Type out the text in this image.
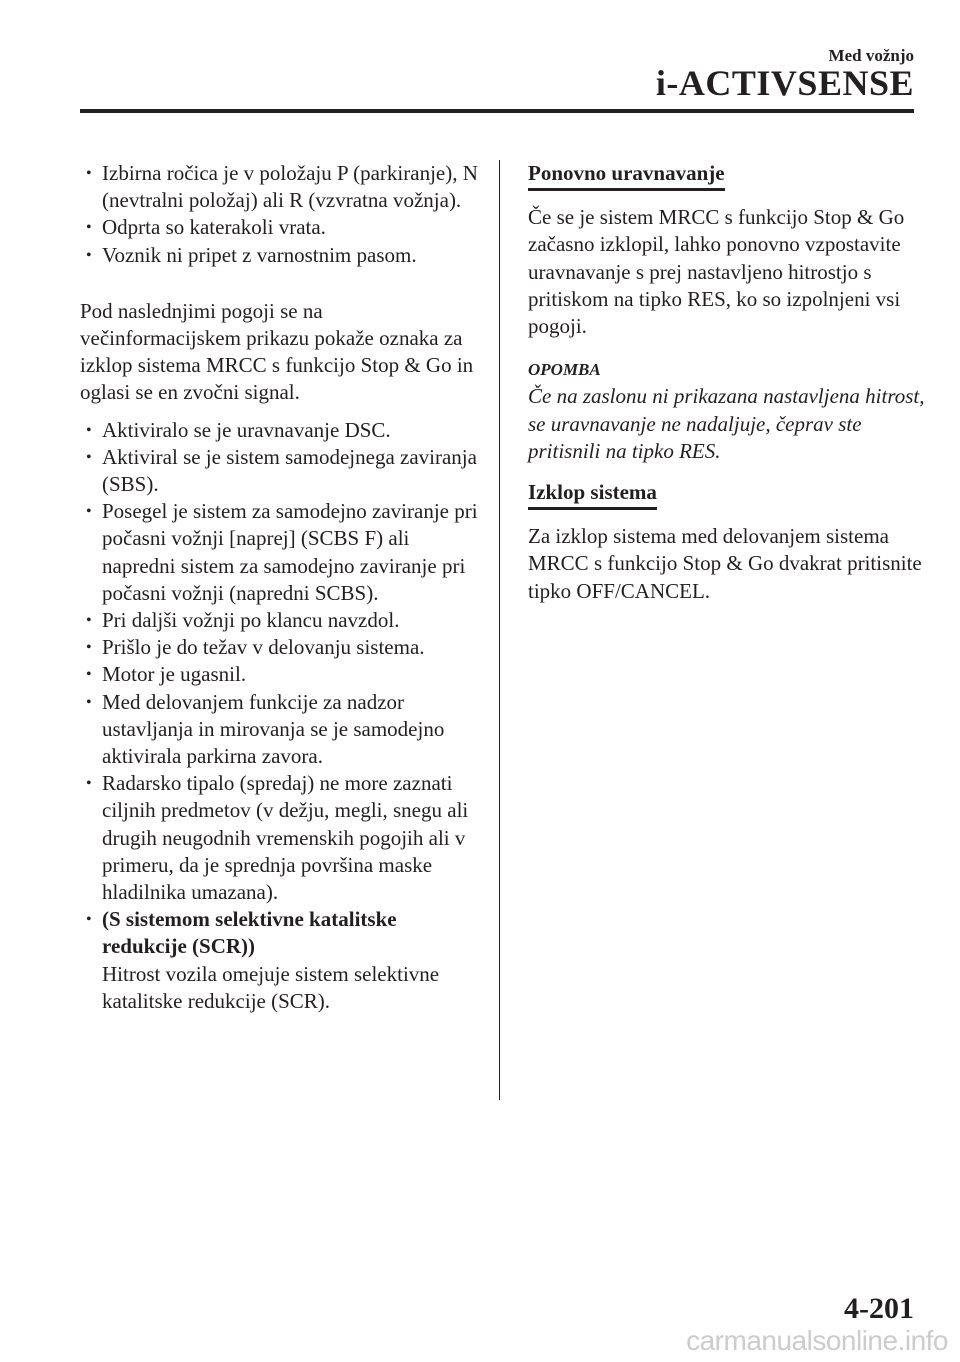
Med vožnjo
i-ACTIVSENSE
• Izbirna ročica je v položaju P (parkiranje), N (nevtralni položaj) ali R (vzvratna vožnja).
• Odprta so katerakoli vrata.
• Voznik ni pripet z varnostnim pasom.

Pod naslednjimi pogoji se na večinformacijskem prikazu pokaže oznaka za izklop sistema MRCC s funkcijo Stop & Go in oglasi se en zvočni signal.

• Aktiviralo se je uravnavanje DSC.
• Aktiviral se je sistem samodejnega zaviranja (SBS).
• Posegel je sistem za samodejno zaviranje pri počasni vožnji [naprej] (SCBS F) ali napredni sistem za samodejno zaviranje pri počasni vožnji (napredni SCBS).
• Pri daljši vožnji po klancu navzdol.
• Prišlo je do težav v delovanju sistema.
• Motor je ugasnil.
• Med delovanjem funkcije za nadzor ustavljanja in mirovanja se je samodejno aktivirala parkirna zavora.
• Radarsko tipalo (spredaj) ne more zaznati ciljnih predmetov (v dežju, megli, snegu ali drugih neugodnih vremenskih pogojih ali v primeru, da je sprednja površina maske hladilnika umazana).
• (S sistemom selektivne katalitske redukcije (SCR))
Hitrost vozila omejuje sistem selektivne katalitske redukcije (SCR).
Ponovno uravnavanje

Če se je sistem MRCC s funkcijo Stop & Go začasno izklopil, lahko ponovno vzpostavite uravnavanje s prej nastavljeno hitrostjo s pritiskom na tipko RES, ko so izpolnjeni vsi pogoji.

OPOMBA

Če na zaslonu ni prikazana nastavljena hitrost, se uravnavanje ne nadaljuje, čeprav ste pritisnili na tipko RES.

Izklop sistema

Za izklop sistema med delovanjem sistema MRCC s funkcijo Stop & Go dvakrat pritisnite tipko OFF/CANCEL.

4-201
carmanualsonline.info
